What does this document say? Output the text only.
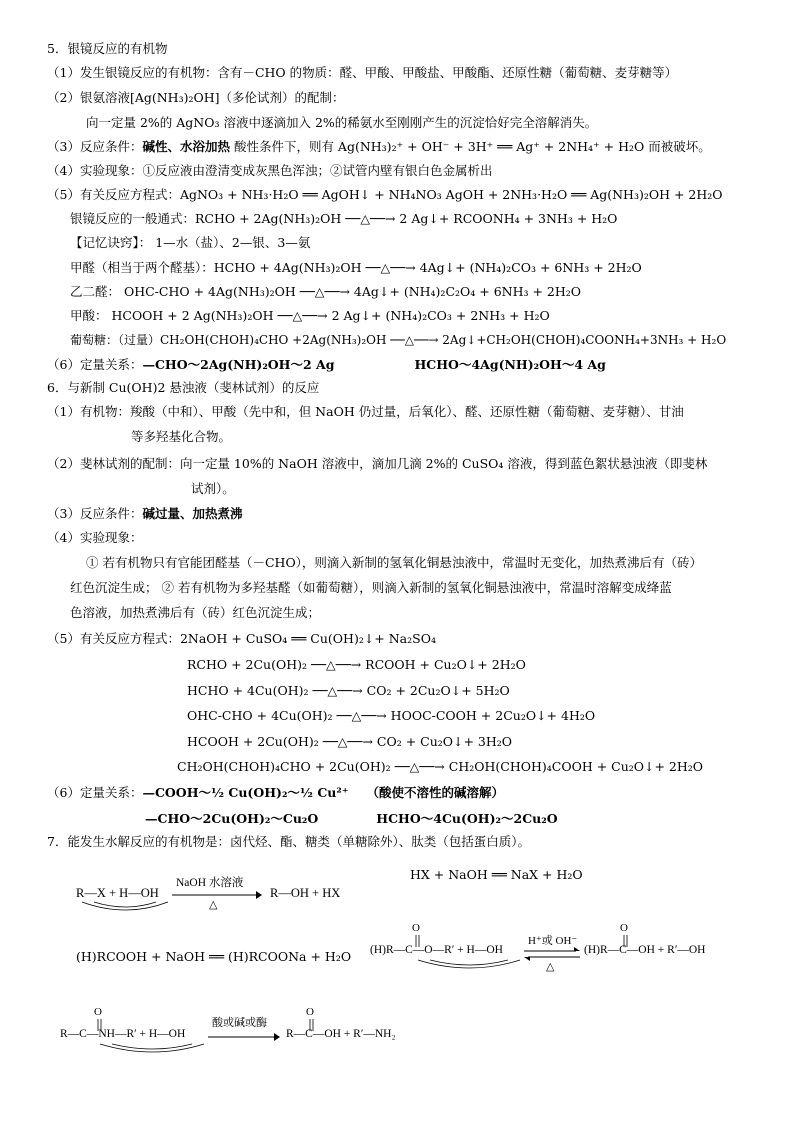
5．银镜反应的有机物
（1）发生银镜反应的有机物：含有－CHO 的物质：醛、甲酸、甲酸盐、甲酸酯、还原性糖（葡萄糖、麦芽糖等）
（2）银氨溶液[Ag(NH₃)₂OH]（多伦试剂）的配制：
向一定量 2%的 AgNO₃ 溶液中逐滴加入 2%的稀氨水至刚刚产生的沉淀恰好完全溶解消失。
（3）反应条件：碱性、水浴加热 酸性条件下，则有 Ag(NH₃)₂⁺ + OH⁻ + 3H⁺ ══ Ag⁺ + 2NH₄⁺ + H₂O 而被破坏。
（4）实验现象：①反应液由澄清变成灰黑色浑浊；②试管内壁有银白色金属析出
（5）有关反应方程式：AgNO₃ + NH₃·H₂O ══ AgOH↓ + NH₄NO₃ AgOH + 2NH₃·H₂O ══ Ag(NH₃)₂OH + 2H₂O
银镜反应的一般通式：RCHO + 2Ag(NH₃)₂OH ──△──→ 2 Ag↓+ RCOONH₄ + 3NH₃ + H₂O
【记忆诀窍】： 1—水（盐）、2—银、3—氨
甲醛（相当于两个醛基）：HCHO + 4Ag(NH₃)₂OH ──△──→ 4Ag↓+ (NH₄)₂CO₃ + 6NH₃ + 2H₂O
乙二醛： OHC-CHO + 4Ag(NH₃)₂OH ──△──→ 4Ag↓+ (NH₄)₂C₂O₄ + 6NH₃ + 2H₂O
甲酸： HCOOH + 2 Ag(NH₃)₂OH ──△──→ 2 Ag↓+ (NH₄)₂CO₃ + 2NH₃ + H₂O
葡萄糖：（过量）CH₂OH(CHOH)₄CHO +2Ag(NH₃)₂OH ──△──→ 2Ag↓+CH₂OH(CHOH)₄COONH₄+3NH₃ + H₂O
（6）定量关系：—CHO～2Ag(NH)₂OH～2 Ag	HCHO～4Ag(NH)₂OH～4 Ag
6．与新制 Cu(OH)2 悬浊液（斐林试剂）的反应
（1）有机物：羧酸（中和）、甲酸（先中和，但 NaOH 仍过量，后氧化）、醛、还原性糖（葡萄糖、麦芽糖）、甘油
等多羟基化合物。
（2）斐林试剂的配制：向一定量 10%的 NaOH 溶液中，滴加几滴 2%的 CuSO₄ 溶液，得到蓝色絮状悬浊液（即斐林
试剂）。
（3）反应条件：碱过量、加热煮沸
（4）实验现象：
① 若有机物只有官能团醛基（－CHO），则滴入新制的氢氧化铜悬浊液中，常温时无变化，加热煮沸后有（砖）
红色沉淀生成； ② 若有机物为多羟基醛（如葡萄糖），则滴入新制的氢氧化铜悬浊液中，常温时溶解变成绛蓝
色溶液，加热煮沸后有（砖）红色沉淀生成；
（5）有关反应方程式：2NaOH + CuSO₄ ══ Cu(OH)₂↓+ Na₂SO₄
RCHO + 2Cu(OH)₂ ──△──→ RCOOH + Cu₂O↓+ 2H₂O
HCHO + 4Cu(OH)₂ ──△──→ CO₂ + 2Cu₂O↓+ 5H₂O
OHC-CHO + 4Cu(OH)₂ ──△──→ HOOC-COOH + 2Cu₂O↓+ 4H₂O
HCOOH + 2Cu(OH)₂ ──△──→ CO₂ + Cu₂O↓+ 3H₂O
CH₂OH(CHOH)₄CHO + 2Cu(OH)₂ ──△──→ CH₂OH(CHOH)₄COOH + Cu₂O↓+ 2H₂O
（6）定量关系：—COOH～½ Cu(OH)₂～½ Cu²⁺ （酸使不溶性的碱溶解）
—CHO～2Cu(OH)₂～Cu₂O	HCHO～4Cu(OH)₂～2Cu₂O
7．能发生水解反应的有机物是：卤代烃、酯、糖类（单糖除外）、肽类（包括蛋白质）。
HX + NaOH ══ NaX + H₂O
R—X + H—OH
NaOH 水溶液
△
R—OH + HX
(H)RCOOH + NaOH ══ (H)RCOONa + H₂O
O
(H)R—C—O—R′ + H—OH
H⁺或 OH⁻
△
(H)R—C—OH + R′—OH
O
O
R—C—NH—R′ + H—OH
酸或碱或酶
R—C—OH + R′—NH₂
O
